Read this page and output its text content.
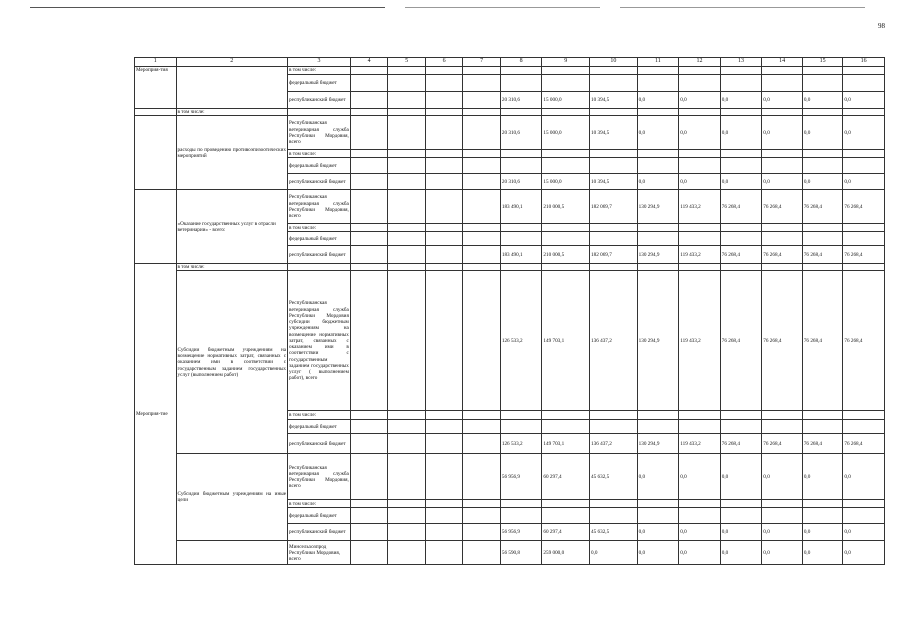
98
1	2	3	4	5	6	7	8	9	10	11	12	13	14	15	16
Мероприя-тия		в том числе:													
		федеральный бюджет													
		республиканский бюджет					20 310,6	15 000,0	10 394,5	0,0	0,0	0,0	0,0	0,0	0,0
	в том числе:														
	расходы по проведению противоэпизоотических мероприятий	Республиканская ветеринарная служба Республики Мордовия, всего					20 310,6	15 000,0	10 394,5	0,0	0,0	0,0	0,0	0,0	0,0
		в том числе:													
		федеральный бюджет													
		республиканский бюджет					20 310,6	15 000,0	10 394,5	0,0	0,0	0,0	0,0	0,0	0,0
	«Оказание государственных услуг в отрасли ветеринарии» - всего:	Республиканская ветеринарная служба Республики Мордовия, всего					183 490,1	210 000,5	182 069,7	130 294,9	119 433,2	76 268,4	76 268,4	76 268,4	76 268,4
		в том числе:													
		федеральный бюджет													
		республиканский бюджет					183 490,1	210 000,5	182 069,7	130 294,9	119 433,2	76 268,4	76 268,4	76 268,4	76 268,4
Мероприя-тие	в том числе:														
	Субсидии бюджетным учреждениям на возмещение нормативных затрат, связанных с оказанием ими в соответствии с государственным заданием государственных услуг (выполнением работ)	Республиканская ветеринарная служба Республики Мордовия субсидии бюджетным учреждениям на возмещение нормативных затрат, связанных с оказанием ими в соответствии с государственным заданием государственных услуг ( выполнением работ), всего					126 533,2	149 703,1	136 437,2	130 294,9	119 433,2	76 268,4	76 268,4	76 268,4	76 268,4
		в том числе:													
		федеральный бюджет													
		республиканский бюджет					126 533,2	149 703,1	136 437,2	130 294,9	119 433,2	76 268,4	76 268,4	76 268,4	76 268,4
	Субсидии бюджетным учреждениям на иные цели	Республиканская ветеринарная служба Республики Мордовия, всего					56 956,9	60 297,4	45 632,5	0,0	0,0	0,0	0,0	0,0	0,0
		в том числе:													
		федеральный бюджет													
		республиканский бюджет					56 956,9	60 297,4	45 632,5	0,0	0,0	0,0	0,0	0,0	0,0
		Минсельхозпрод Республики Мордовия, всего					56 590,8	259 000,0	0,0	0,0	0,0	0,0	0,0	0,0	0,0
